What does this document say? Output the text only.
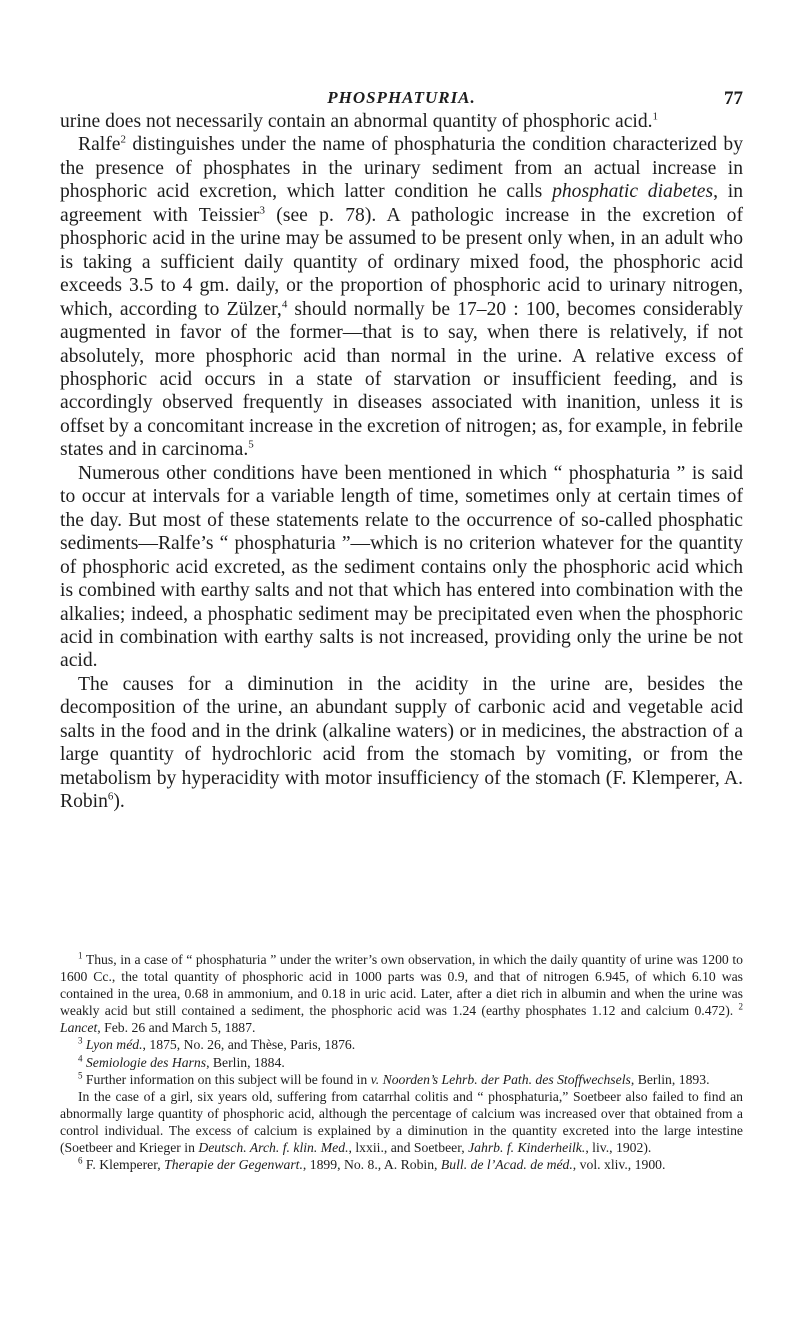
PHOSPHATURIA.	77

urine does not necessarily contain an abnormal quantity of phosphoric acid.$^1$

Ralfe$^2$ distinguishes under the name of phosphaturia the condition characterized by the presence of phosphates in the urinary sediment from an actual increase in phosphoric acid excretion, which latter condition he calls phosphatic diabetes, in agreement with Teissier$^3$ (see p. 78). A pathologic increase in the excretion of phosphoric acid in the urine may be assumed to be present only when, in an adult who is taking a sufficient daily quantity of ordinary mixed food, the phosphoric acid exceeds 3.5 to 4 gm. daily, or the proportion of phosphoric acid to urinary nitrogen, which, according to Zülzer,$^4$ should normally be 17–20 : 100, becomes considerably augmented in favor of the former—that is to say, when there is relatively, if not absolutely, more phosphoric acid than normal in the urine. A relative excess of phosphoric acid occurs in a state of starvation or insufficient feeding, and is accordingly observed frequently in diseases associated with inanition, unless it is offset by a concomitant increase in the excretion of nitrogen; as, for example, in febrile states and in carcinoma.$^5$

Numerous other conditions have been mentioned in which “ phosphaturia ” is said to occur at intervals for a variable length of time, sometimes only at certain times of the day. But most of these statements relate to the occurrence of so-called phosphatic sediments—Ralfe’s “ phosphaturia ”—which is no criterion whatever for the quantity of phosphoric acid excreted, as the sediment contains only the phosphoric acid which is combined with earthy salts and not that which has entered into combination with the alkalies; indeed, a phosphatic sediment may be precipitated even when the phosphoric acid in combination with earthy salts is not increased, providing only the urine be not acid.

The causes for a diminution in the acidity in the urine are, besides the decomposition of the urine, an abundant supply of carbonic acid and vegetable acid salts in the food and in the drink (alkaline waters) or in medicines, the abstraction of a large quantity of hydrochloric acid from the stomach by vomiting, or from the metabolism by hyperacidity with motor insufficiency of the stomach (F. Klemperer, A. Robin$^6$).

$^1$ Thus, in a case of “ phosphaturia ” under the writer’s own observation, in which the daily quantity of urine was 1200 to 1600 Cc., the total quantity of phosphoric acid in 1000 parts was 0.9, and that of nitrogen 6.945, of which 6.10 was contained in the urea, 0.68 in ammonium, and 0.18 in uric acid. Later, after a diet rich in albumin and when the urine was weakly acid but still contained a sediment, the phosphoric acid was 1.24 (earthy phosphates 1.12 and calcium 0.472). $^2$ Lancet, Feb. 26 and March 5, 1887.

$^3$ Lyon méd., 1875, No. 26, and Thèse, Paris, 1876.

$^4$ Semiologie des Harns, Berlin, 1884.

$^5$ Further information on this subject will be found in v. Noorden’s Lehrb. der Path. des Stoffwechsels, Berlin, 1893.

In the case of a girl, six years old, suffering from catarrhal colitis and “ phosphaturia,” Soetbeer also failed to find an abnormally large quantity of phosphoric acid, although the percentage of calcium was increased over that obtained from a control individual. The excess of calcium is explained by a diminution in the quantity excreted into the large intestine (Soetbeer and Krieger in Deutsch. Arch. f. klin. Med., lxxii., and Soetbeer, Jahrb. f. Kinderheilk., liv., 1902).

$^6$ F. Klemperer, Therapie der Gegenwart., 1899, No. 8., A. Robin, Bull. de l’Acad. de méd., vol. xliv., 1900.
